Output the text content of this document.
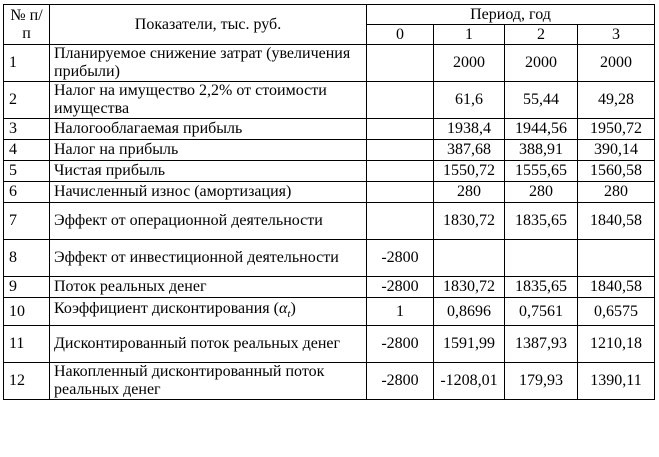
№ п/п	Показатели, тыс. руб.	Период, год			
		0	1	2	3
1	Планируемое снижение затрат (увеличения прибыли)		2000	2000	2000
2	Налог на имущество 2,2% от стоимости имущества		61,6	55,44	49,28
3	Налогооблагаемая прибыль		1938,4	1944,56	1950,72
4	Налог на прибыль		387,68	388,91	390,14
5	Чистая прибыль		1550,72	1555,65	1560,58
6	Начисленный износ (амортизация)		280	280	280
7	Эффект от операционной деятельности		1830,72	1835,65	1840,58
8	Эффект от инвестиционной деятельности	-2800			
9	Поток реальных денег	-2800	1830,72	1835,65	1840,58
10	Коэффициент дисконтирования $(\alpha_t)$	1	0,8696	0,7561	0,6575
11	Дисконтированный поток реальных денег	-2800	1591,99	1387,93	1210,18
12	Накопленный дисконтированный поток реальных денег	-2800	-1208,01	179,93	1390,11
